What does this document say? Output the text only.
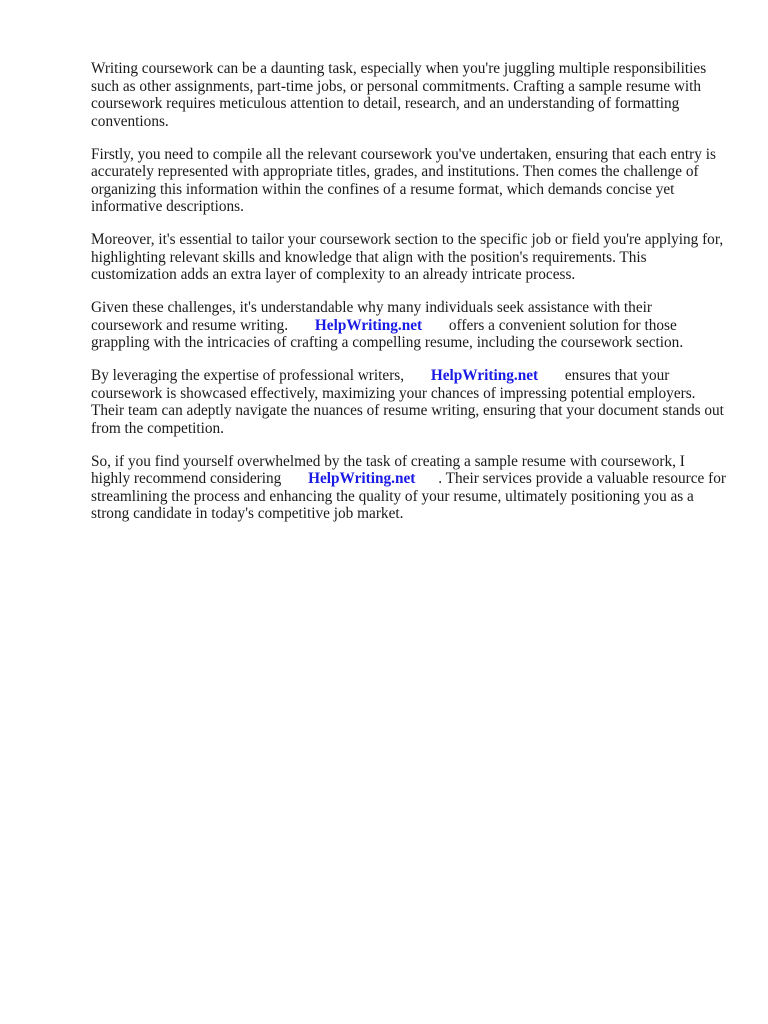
Writing coursework can be a daunting task, especially when you're juggling multiple responsibilities such as other assignments, part-time jobs, or personal commitments. Crafting a sample resume with coursework requires meticulous attention to detail, research, and an understanding of formatting conventions.

Firstly, you need to compile all the relevant coursework you've undertaken, ensuring that each entry is accurately represented with appropriate titles, grades, and institutions. Then comes the challenge of organizing this information within the confines of a resume format, which demands concise yet informative descriptions.

Moreover, it's essential to tailor your coursework section to the specific job or field you're applying for, highlighting relevant skills and knowledge that align with the position's requirements. This customization adds an extra layer of complexity to an already intricate process.

Given these challenges, it's understandable why many individuals seek assistance with their coursework and resume writing. HelpWriting.net offers a convenient solution for those grappling with the intricacies of crafting a compelling resume, including the coursework section.

By leveraging the expertise of professional writers, HelpWriting.net ensures that your coursework is showcased effectively, maximizing your chances of impressing potential employers. Their team can adeptly navigate the nuances of resume writing, ensuring that your document stands out from the competition.

So, if you find yourself overwhelmed by the task of creating a sample resume with coursework, I highly recommend considering HelpWriting.net . Their services provide a valuable resource for streamlining the process and enhancing the quality of your resume, ultimately positioning you as a strong candidate in today's competitive job market.
